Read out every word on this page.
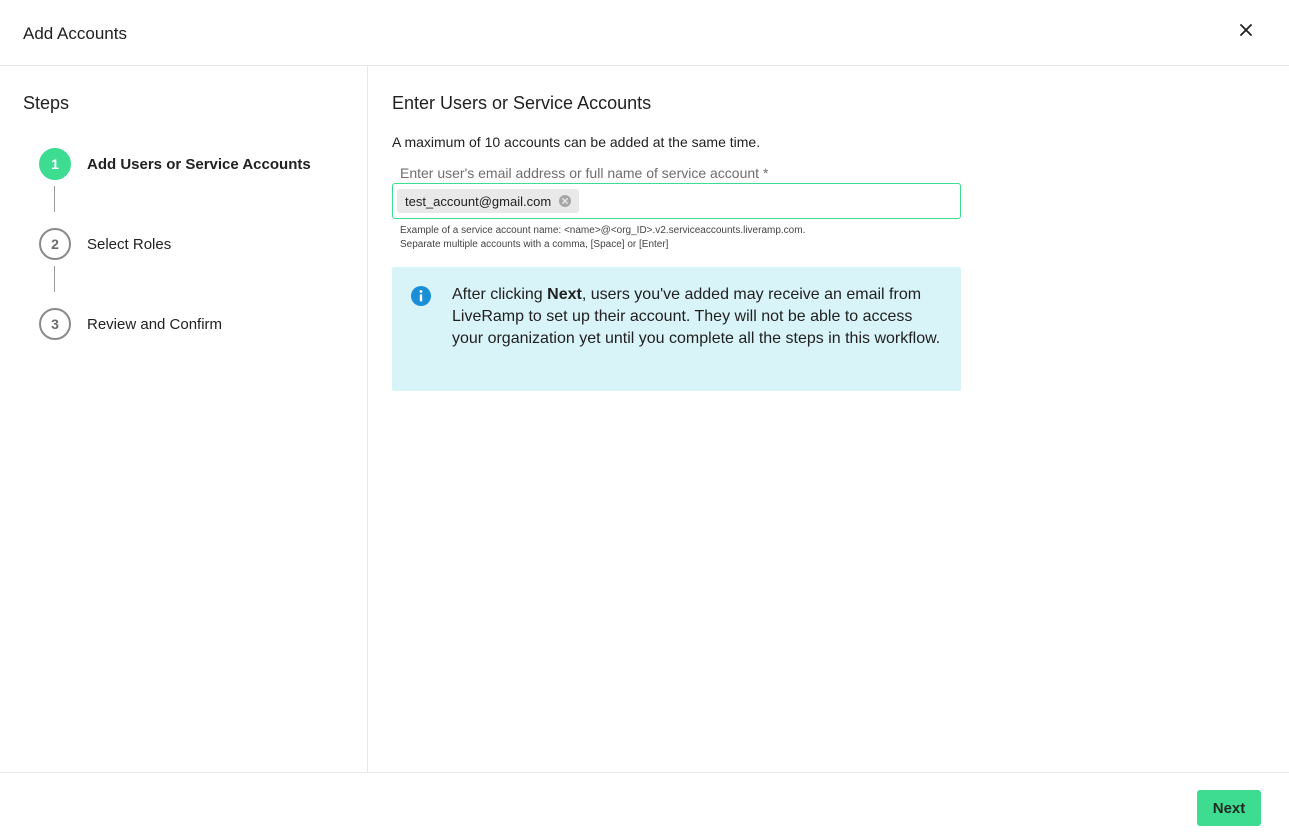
Add Accounts
Steps
1	Add Users or Service Accounts
2	Select Roles
3	Review and Confirm
Enter Users or Service Accounts
A maximum of 10 accounts can be added at the same time.
Enter user's email address or full name of service account *
test_account@gmail.com
Example of a service account name: <name>@<org_ID>.v2.serviceaccounts.liveramp.com.
Separate multiple accounts with a comma, [Space] or [Enter]
After clicking Next, users you've added may receive an email from LiveRamp to set up their account. They will not be able to access your organization yet until you complete all the steps in this workflow.
Next
